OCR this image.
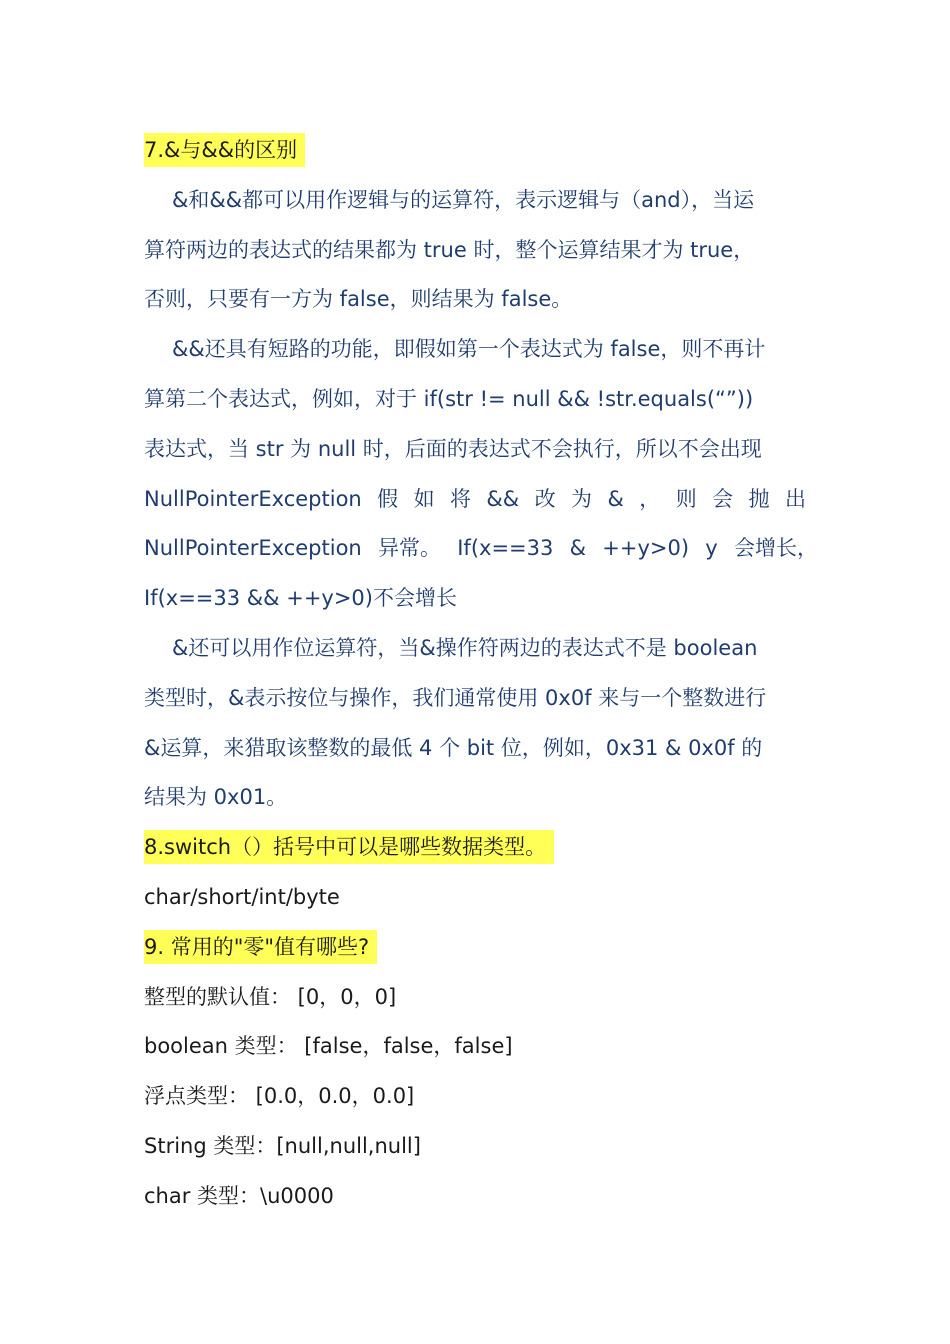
7.&与&&的区别
&和&&都可以用作逻辑与的运算符，表示逻辑与（and），当运
算符两边的表达式的结果都为 true 时，整个运算结果才为 true，
否则，只要有一方为 false，则结果为 false。
&&还具有短路的功能，即假如第一个表达式为 false，则不再计
算第二个表达式，例如，对于 if(str != null && !str.equals(“”))
表达式，当 str 为 null 时，后面的表达式不会执行，所以不会出现
NullPointerException 假 如 将 && 改 为 & ， 则 会 抛 出
NullPointerException 异常。 If(x==33 & ++y>0) y 会增长，
If(x==33 && ++y>0)不会增长
&还可以用作位运算符，当&操作符两边的表达式不是 boolean
类型时，&表示按位与操作，我们通常使用 0x0f 来与一个整数进行
&运算，来猎取该整数的最低 4 个 bit 位，例如，0x31 & 0x0f 的
结果为 0x01。
8.switch（）括号中可以是哪些数据类型。
char/short/int/byte
9. 常用的"零"值有哪些?
整型的默认值： [0，0，0]
boolean 类型： [false，false，false]
浮点类型： [0.0，0.0，0.0]
String 类型：[null,null,null]
char 类型：\u0000
